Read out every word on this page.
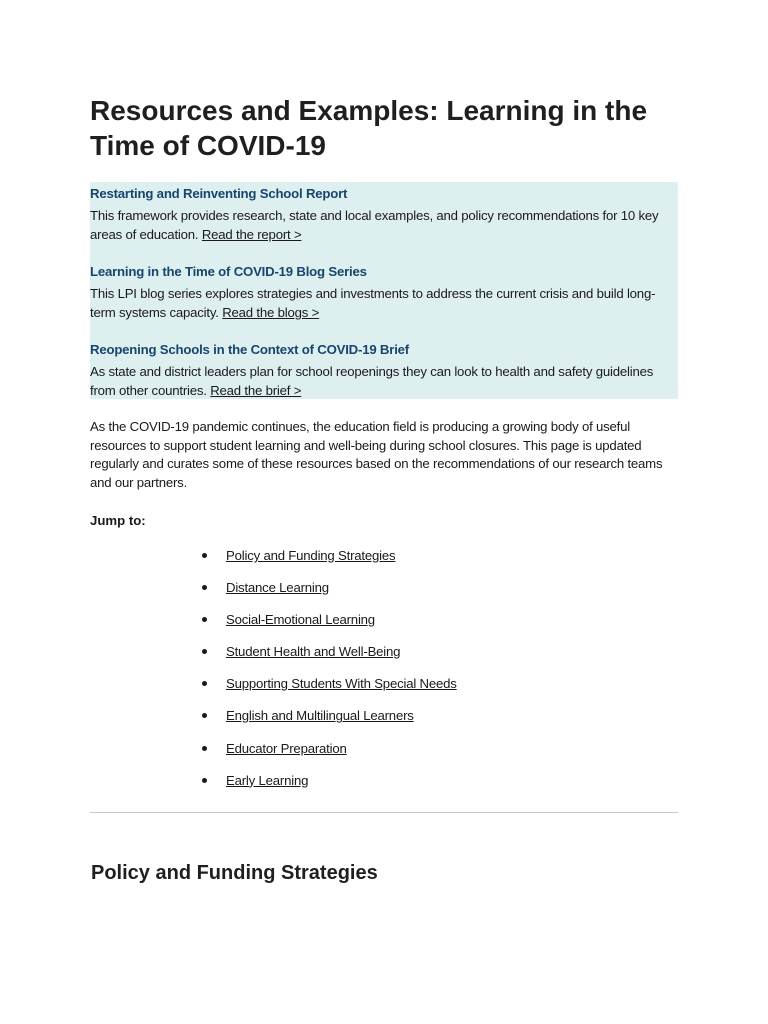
Resources and Examples: Learning in the Time of COVID-19
Restarting and Reinventing School Report
This framework provides research, state and local examples, and policy recommendations for 10 key areas of education. Read the report >
Learning in the Time of COVID-19 Blog Series
This LPI blog series explores strategies and investments to address the current crisis and build long-term systems capacity. Read the blogs >
Reopening Schools in the Context of COVID-19 Brief
As state and district leaders plan for school reopenings they can look to health and safety guidelines from other countries. Read the brief >

As the COVID-19 pandemic continues, the education field is producing a growing body of useful resources to support student learning and well-being during school closures. This page is updated regularly and curates some of these resources based on the recommendations of our research teams and our partners.

Jump to:

Policy and Funding Strategies
Distance Learning
Social-Emotional Learning
Student Health and Well-Being
Supporting Students With Special Needs
English and Multilingual Learners
Educator Preparation
Early Learning
Policy and Funding Strategies
